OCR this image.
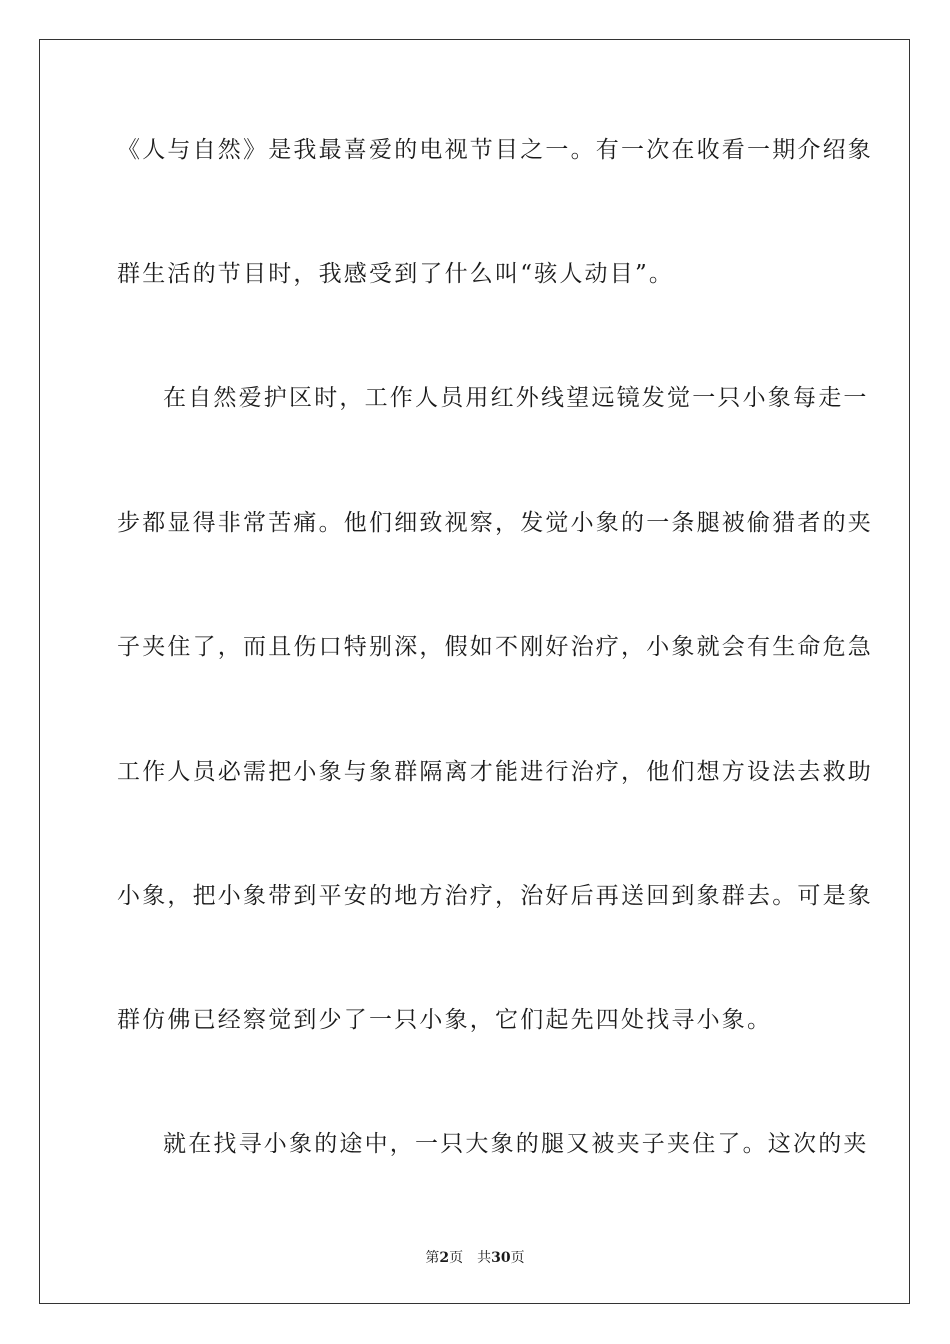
《人与自然》是我最喜爱的电视节目之一。有一次在收看一期介绍象
群生活的节目时，我感受到了什么叫“骇人动目”。
在自然爱护区时，工作人员用红外线望远镜发觉一只小象每走一
步都显得非常苦痛。他们细致视察，发觉小象的一条腿被偷猎者的夹
子夹住了，而且伤口特别深，假如不刚好治疗，小象就会有生命危急
工作人员必需把小象与象群隔离才能进行治疗，他们想方设法去救助
小象，把小象带到平安的地方治疗，治好后再送回到象群去。可是象
群仿佛已经察觉到少了一只小象，它们起先四处找寻小象。
就在找寻小象的途中，一只大象的腿又被夹子夹住了。这次的夹
第2页 共30页
